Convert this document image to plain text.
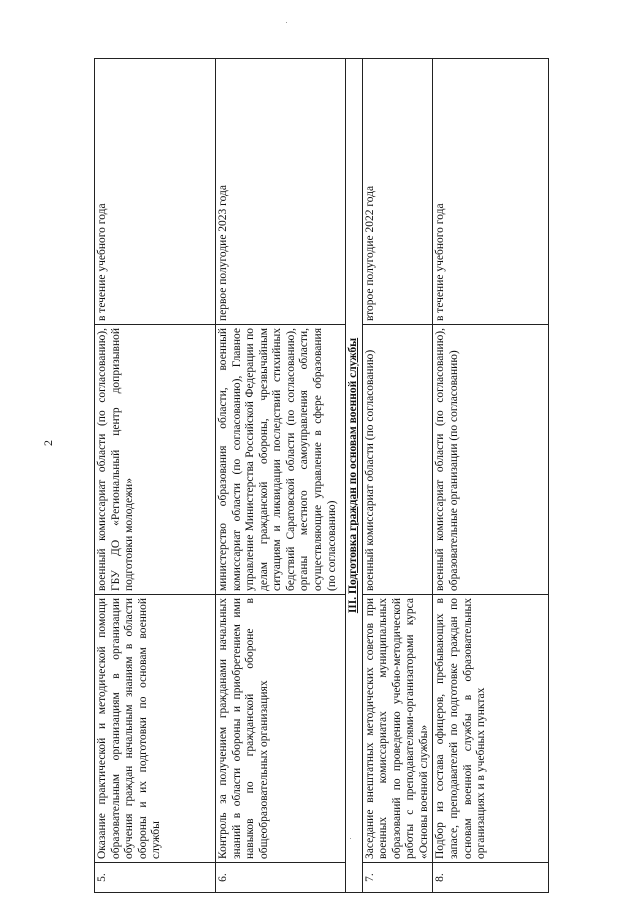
2
5.	Оказание практической и методической помощи образовательным организациям в организации обучения граждан начальным знаниям в области обороны и их подготовки по основам военной службы	военный комиссариат области (по согласованию), ГБУ ДО «Региональный центр допризывной подготовки молодежи»	в течение учебного года
6.	Контроль за получением гражданами начальных знаний в области обороны и приобретением ими навыков по гражданской обороне в общеобразовательных организациях	министерство образования области, военный комиссариат области (по согласованию), Главное управление Министерства Российской Федерации по делам гражданской обороны, чрезвычайным ситуациям и ликвидации последствий стихийных бедствий Саратовской области (по согласованию), органы местного самоуправления области, осуществляющие управление в сфере образования (по согласованию)	первое полугодие 2023 года
III. Подготовка граждан по основам военной службы			
7.	Заседание внештатных методических советов при военных комиссариатах муниципальных образований по проведению учебно-методической работы с преподавателями-организаторами курса «Основы военной службы»	военный комиссариат области (по согласованию)	второе полугодие 2022 года
8.	Подбор из состава офицеров, пребывающих в запасе, преподавателей по подготовке граждан по основам военной службы в образовательных организациях и в учебных пунктах	военный комиссариат области (по согласованию), образовательные организации (по согласованию)	в течение учебного года
